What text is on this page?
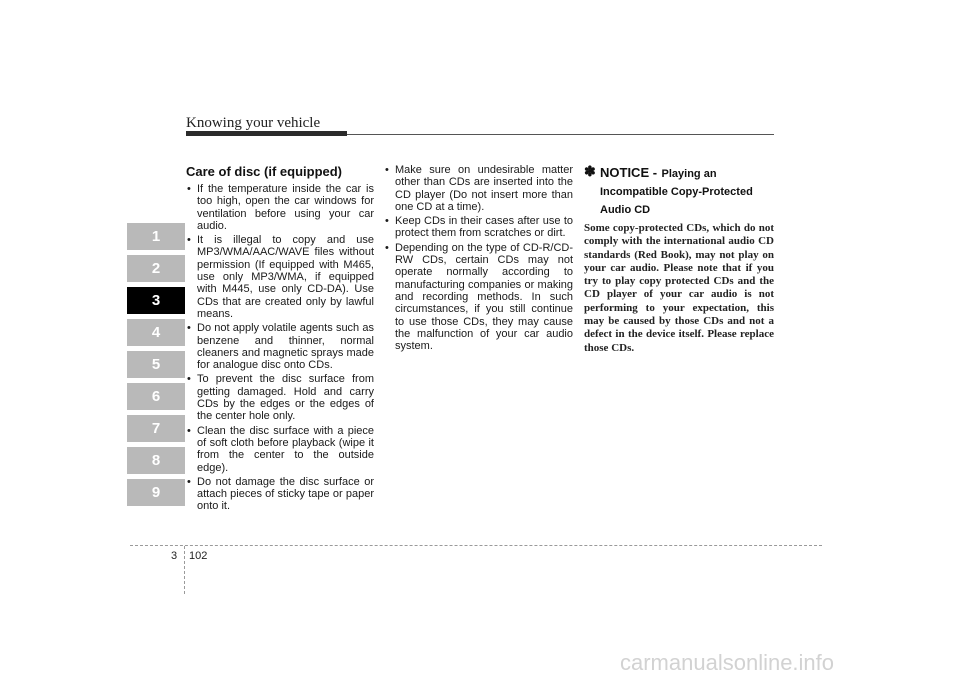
Knowing your vehicle
1
2
3
4
5
6
7
8
9
Care of disc (if equipped)
• If the temperature inside the car is too high, open the car windows for ventilation before using your car audio.
• It is illegal to copy and use MP3/WMA/AAC/WAVE files without permission (If equipped with M465, use only MP3/WMA, if equipped with M445, use only CD-DA). Use CDs that are created only by lawful means.
• Do not apply volatile agents such as benzene and thinner, normal cleaners and magnetic sprays made for analogue disc onto CDs.
• To prevent the disc surface from getting damaged. Hold and carry CDs by the edges or the edges of the center hole only.
• Clean the disc surface with a piece of soft cloth before playback (wipe it from the center to the outside edge).
• Do not damage the disc surface or attach pieces of sticky tape or paper onto it.
• Make sure on undesirable matter other than CDs are inserted into the CD player (Do not insert more than one CD at a time).
• Keep CDs in their cases after use to protect them from scratches or dirt.
• Depending on the type of CD-R/CD-RW CDs, certain CDs may not operate normally according to manufacturing companies or making and recording methods. In such circumstances, if you still continue to use those CDs, they may cause the malfunction of your car audio system.
✽ NOTICE - Playing an Incompatible Copy-Protected Audio CD

Some copy-protected CDs, which do not comply with the international audio CD standards (Red Book), may not play on your car audio. Please note that if you try to play copy protected CDs and the CD player of your car audio is not performing to your expectation, this may be caused by those CDs and not a defect in the device itself. Please replace those CDs.

3 102
carmanualsonline.info
